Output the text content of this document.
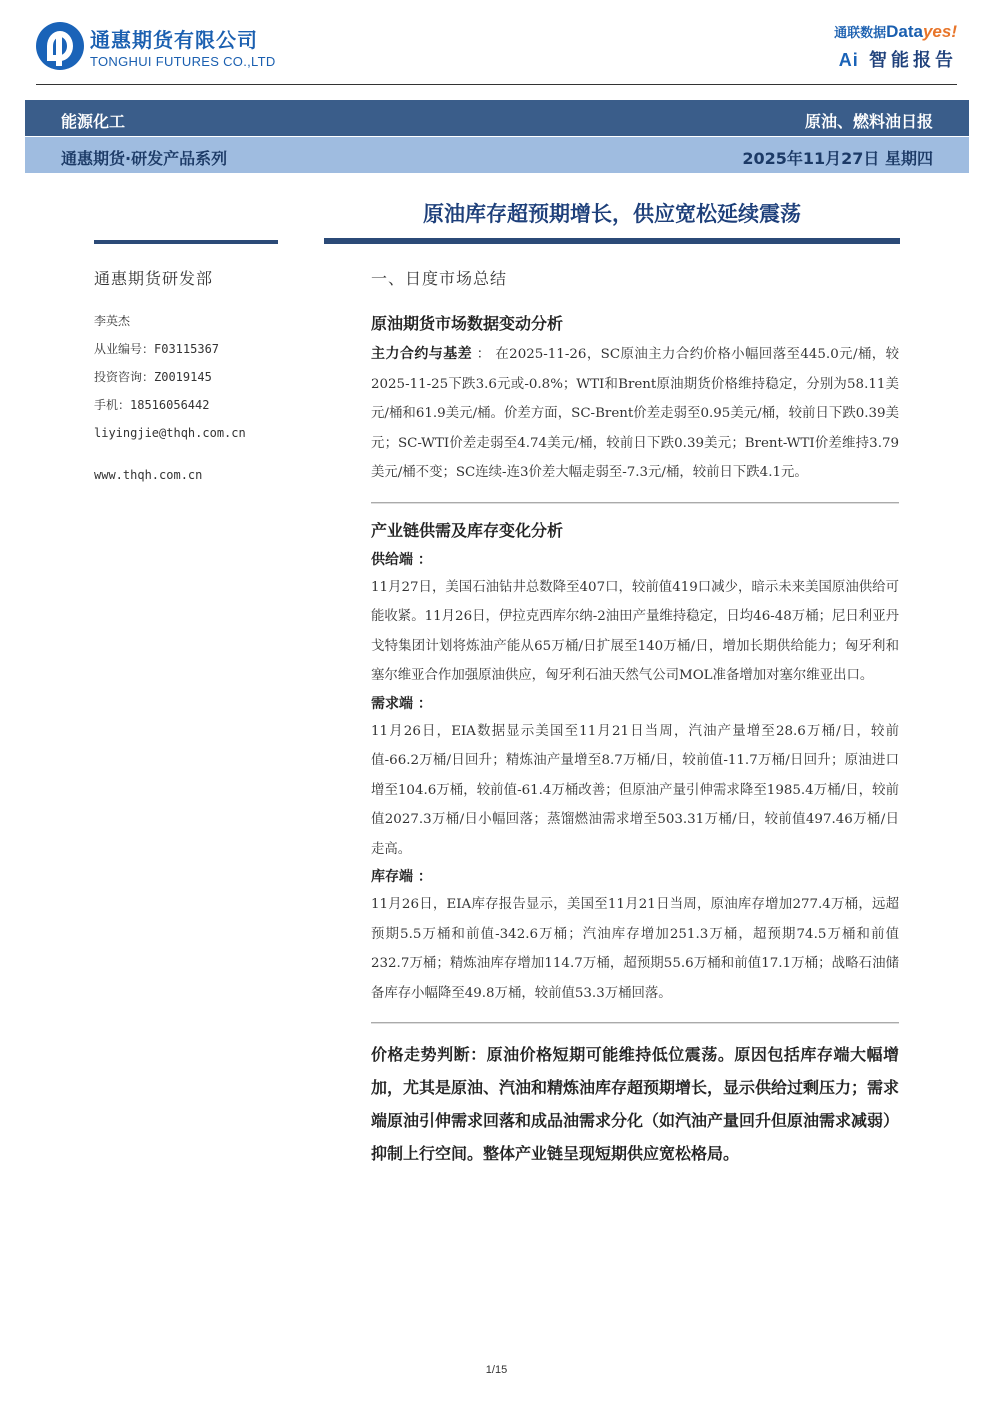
通惠期货有限公司
TONGHUI FUTURES CO.,LTD
通联数据Datayes!
Ai 智能报告
能源化工	原油、燃料油日报
通惠期货·研发产品系列	2025年11月27日 星期四
原油库存超预期增长，供应宽松延续震荡
通惠期货研发部
李英杰
从业编号：F03115367
投资咨询：Z0019145
手机：18516056442
liyingjie@thqh.com.cn
www.thqh.com.cn
一、日度市场总结
原油期货市场数据变动分析
主力合约与基差 ： 在2025-11-26，SC原油主力合约价格小幅回落至445.0元/桶，较2025-11-25下跌3.6元或-0.8%；WTI和Brent原油期货价格维持稳定，分别为58.11美元/桶和61.9美元/桶。价差方面，SC-Brent价差走弱至0.95美元/桶，较前日下跌0.39美元；SC-WTI价差走弱至4.74美元/桶，较前日下跌0.39美元；Brent-WTI价差维持3.79美元/桶不变；SC连续-连3价差大幅走弱至-7.3元/桶，较前日下跌4.1元。
产业链供需及库存变化分析
供给端 ：
11月27日，美国石油钻井总数降至407口，较前值419口减少，暗示未来美国原油供给可能收紧。11月26日，伊拉克西库尔纳-2油田产量维持稳定，日均46-48万桶；尼日利亚丹戈特集团计划将炼油产能从65万桶/日扩展至140万桶/日，增加长期供给能力；匈牙利和塞尔维亚合作加强原油供应，匈牙利石油天然气公司MOL准备增加对塞尔维亚出口。
需求端 ：
11月26日，EIA数据显示美国至11月21日当周，汽油产量增至28.6万桶/日，较前值-66.2万桶/日回升；精炼油产量增至8.7万桶/日，较前值-11.7万桶/日回升；原油进口增至104.6万桶，较前值-61.4万桶改善；但原油产量引伸需求降至1985.4万桶/日，较前值2027.3万桶/日小幅回落；蒸馏燃油需求增至503.31万桶/日，较前值497.46万桶/日走高。
库存端 ：
11月26日，EIA库存报告显示，美国至11月21日当周，原油库存增加277.4万桶，远超预期5.5万桶和前值-342.6万桶；汽油库存增加251.3万桶，超预期74.5万桶和前值232.7万桶；精炼油库存增加114.7万桶，超预期55.6万桶和前值17.1万桶；战略石油储备库存小幅降至49.8万桶，较前值53.3万桶回落。
价格走势判断：原油价格短期可能维持低位震荡。原因包括库存端大幅增加，尤其是原油、汽油和精炼油库存超预期增长，显示供给过剩压力；需求端原油引伸需求回落和成品油需求分化（如汽油产量回升但原油需求减弱）抑制上行空间。整体产业链呈现短期供应宽松格局。
1/15
